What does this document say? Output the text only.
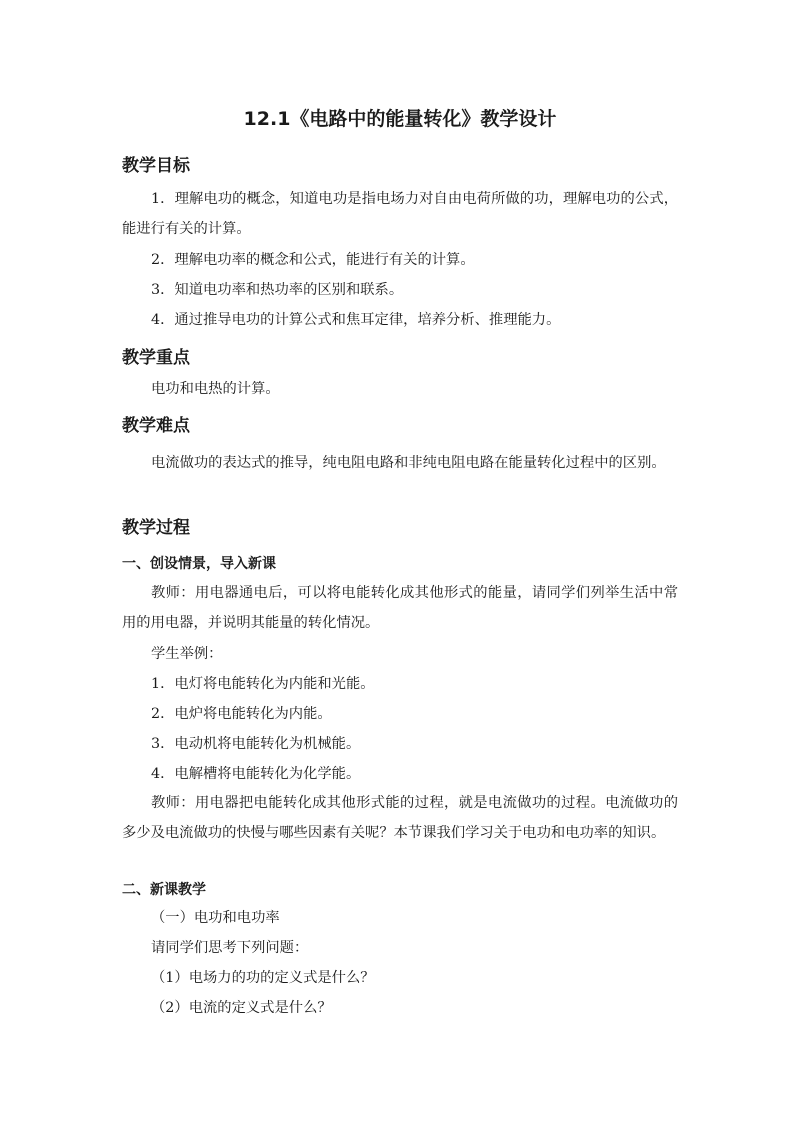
12.1《电路中的能量转化》教学设计
教学目标
1．理解电功的概念，知道电功是指电场力对自由电荷所做的功，理解电功的公式，能进行有关的计算。
2．理解电功率的概念和公式，能进行有关的计算。
3．知道电功率和热功率的区别和联系。
4．通过推导电功的计算公式和焦耳定律，培养分析、推理能力。
教学重点
电功和电热的计算。
教学难点
电流做功的表达式的推导，纯电阻电路和非纯电阻电路在能量转化过程中的区别。
教学过程
一、创设情景，导入新课
教师：用电器通电后，可以将电能转化成其他形式的能量，请同学们列举生活中常用的用电器，并说明其能量的转化情况。
学生举例：
1．电灯将电能转化为内能和光能。
2．电炉将电能转化为内能。
3．电动机将电能转化为机械能。
4．电解槽将电能转化为化学能。
教师：用电器把电能转化成其他形式能的过程，就是电流做功的过程。电流做功的多少及电流做功的快慢与哪些因素有关呢？本节课我们学习关于电功和电功率的知识。
二、新课教学
（一）电功和电功率
请同学们思考下列问题：
（1）电场力的功的定义式是什么？
（2）电流的定义式是什么？
